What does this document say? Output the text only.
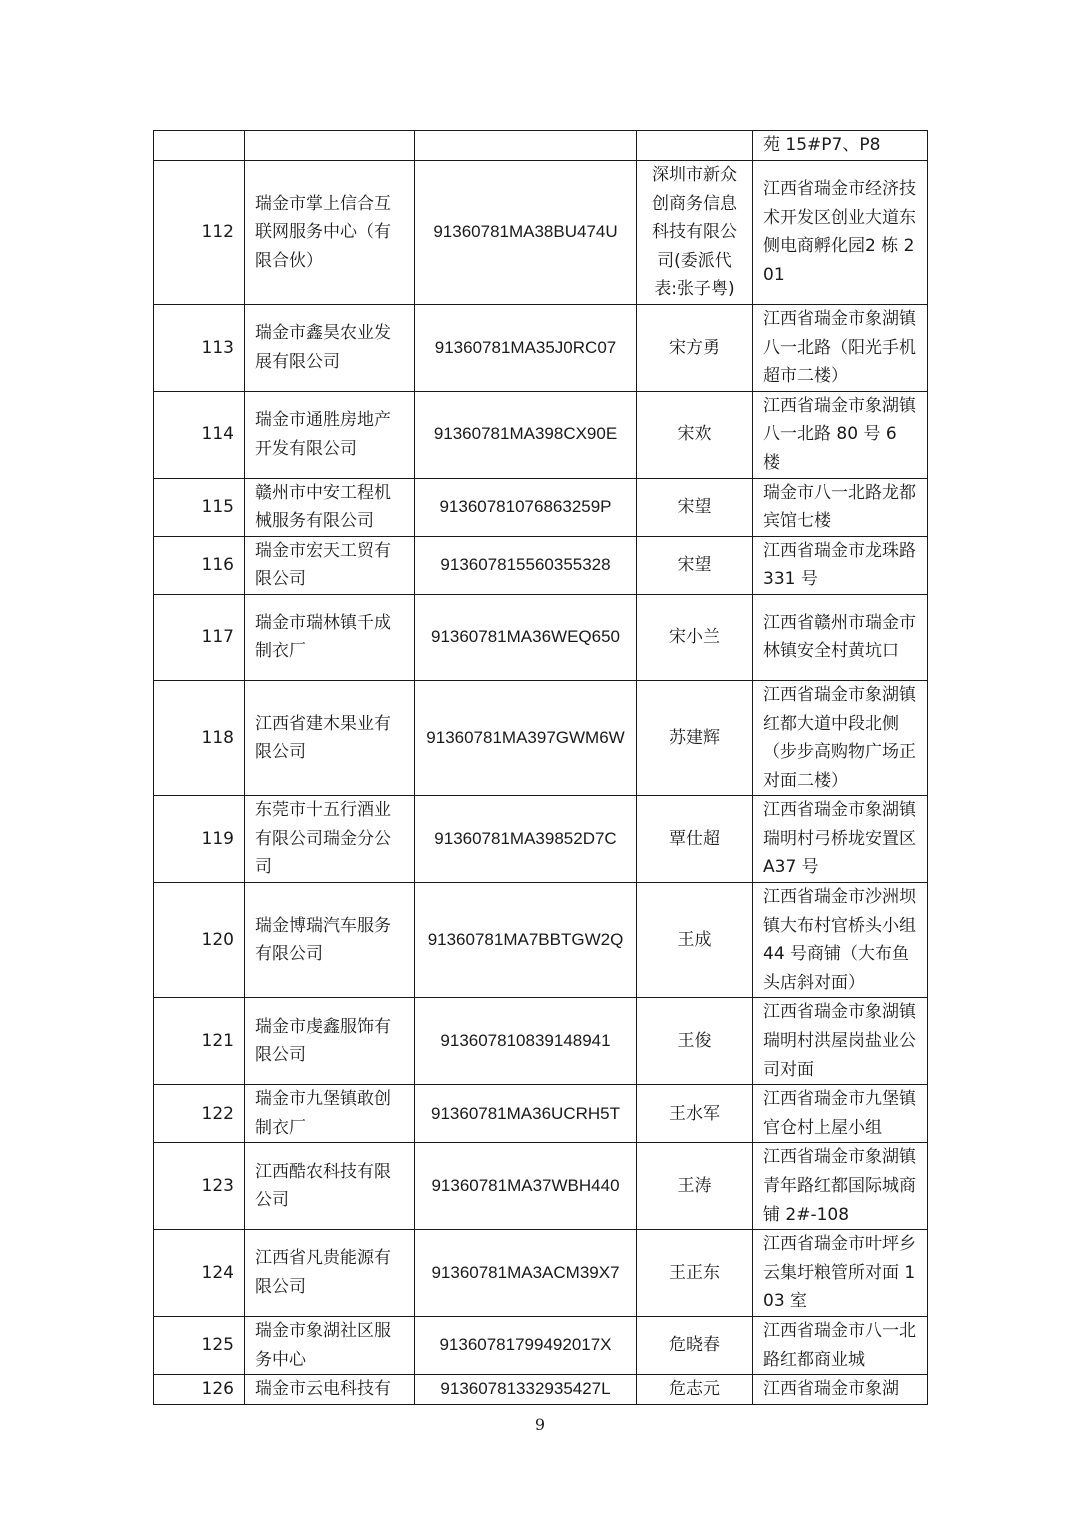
				苑 15#P7、P8
112	瑞金市掌上信合互联网服务中心（有限合伙）	91360781MA38BU474U	深圳市新众创商务信息科技有限公司(委派代表:张子粤)	江西省瑞金市经济技术开发区创业大道东侧电商孵化园2 栋 201
113	瑞金市鑫昊农业发展有限公司	91360781MA35J0RC07	宋方勇	江西省瑞金市象湖镇八一北路（阳光手机超市二楼）
114	瑞金市通胜房地产开发有限公司	91360781MA398CX90E	宋欢	江西省瑞金市象湖镇八一北路 80 号 6 楼
115	赣州市中安工程机械服务有限公司	91360781076863259P	宋望	瑞金市八一北路龙都宾馆七楼
116	瑞金市宏天工贸有限公司	913607815560355328	宋望	江西省瑞金市龙珠路 331 号
117	瑞金市瑞林镇千成制衣厂	91360781MA36WEQ650	宋小兰	江西省赣州市瑞金市林镇安全村黄坑口
118	江西省建木果业有限公司	91360781MA397GWM6W	苏建辉	江西省瑞金市象湖镇红都大道中段北侧（步步高购物广场正对面二楼）
119	东莞市十五行酒业有限公司瑞金分公司	91360781MA39852D7C	覃仕超	江西省瑞金市象湖镇瑞明村弓桥垅安置区 A37 号
120	瑞金博瑞汽车服务有限公司	91360781MA7BBTGW2Q	王成	江西省瑞金市沙洲坝镇大布村官桥头小组 44 号商铺（大布鱼头店斜对面）
121	瑞金市虔鑫服饰有限公司	913607810839148941	王俊	江西省瑞金市象湖镇瑞明村洪屋岗盐业公司对面
122	瑞金市九堡镇敢创制衣厂	91360781MA36UCRH5T	王水军	江西省瑞金市九堡镇官仓村上屋小组
123	江西酷农科技有限公司	91360781MA37WBH440	王涛	江西省瑞金市象湖镇青年路红都国际城商铺 2#-108
124	江西省凡贵能源有限公司	91360781MA3ACM39X7	王正东	江西省瑞金市叶坪乡云集圩粮管所对面 103 室
125	瑞金市象湖社区服务中心	91360781799492017X	危晓春	江西省瑞金市八一北路红都商业城
126	瑞金市云电科技有	91360781332935427L	危志元	江西省瑞金市象湖
9
